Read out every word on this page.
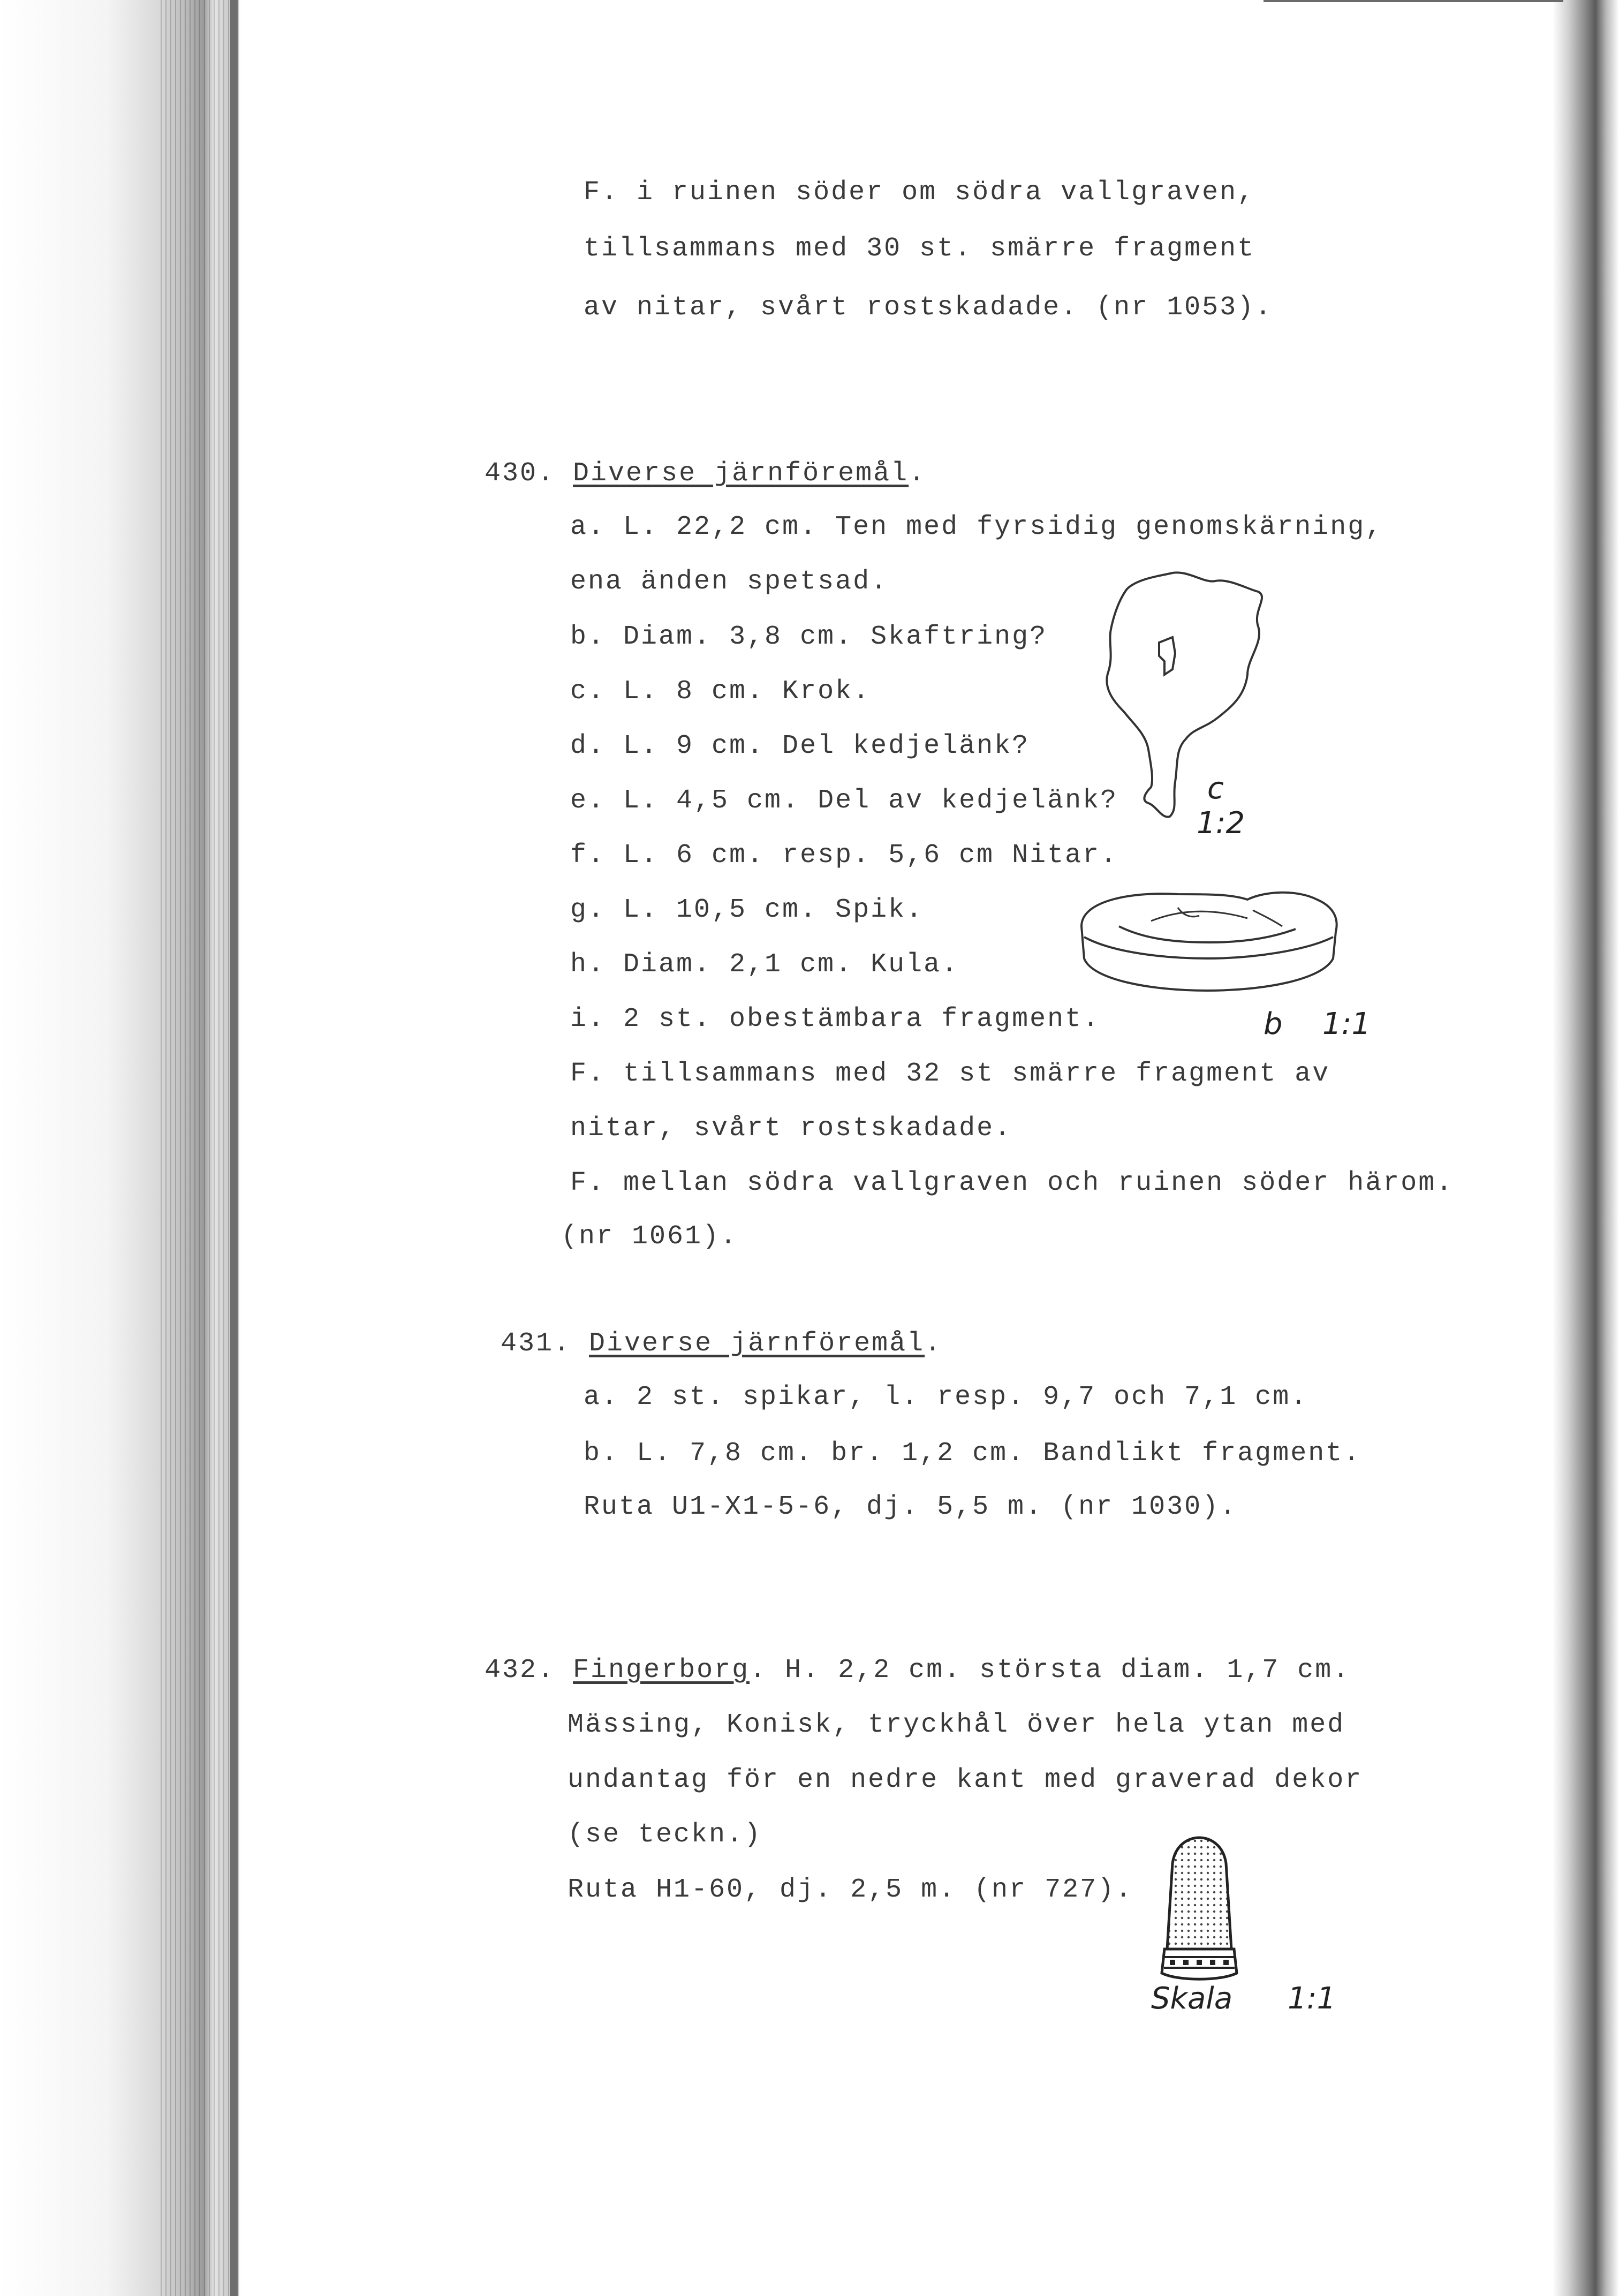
F. i ruinen söder om södra vallgraven,
tillsammans med 30 st. smärre fragment
av nitar, svårt rostskadade. (nr 1053).
430. Diverse järnföremål.
a. L. 22,2 cm. Ten med fyrsidig genomskärning,
ena änden spetsad.
b. Diam. 3,8 cm. Skaftring?
c. L. 8 cm. Krok.
d. L. 9 cm. Del kedjelänk?
e. L. 4,5 cm. Del av kedjelänk?
f. L. 6 cm. resp. 5,6 cm Nitar.
g. L. 10,5 cm. Spik.
h. Diam. 2,1 cm. Kula.
i. 2 st. obestämbara fragment.
F. tillsammans med 32 st smärre fragment av
nitar, svårt rostskadade.
F. mellan södra vallgraven och ruinen söder härom.
(nr 1061).
c
1:2
b 1:1
431. Diverse järnföremål.
a. 2 st. spikar, l. resp. 9,7 och 7,1 cm.
b. L. 7,8 cm. br. 1,2 cm. Bandlikt fragment.
Ruta U1-X1-5-6, dj. 5,5 m. (nr 1030).
432. Fingerborg. H. 2,2 cm. största diam. 1,7 cm.
Mässing, Konisk, tryckhål över hela ytan med
undantag för en nedre kant med graverad dekor
(se teckn.)
Ruta H1-60, dj. 2,5 m. (nr 727).
Skala 1:1
